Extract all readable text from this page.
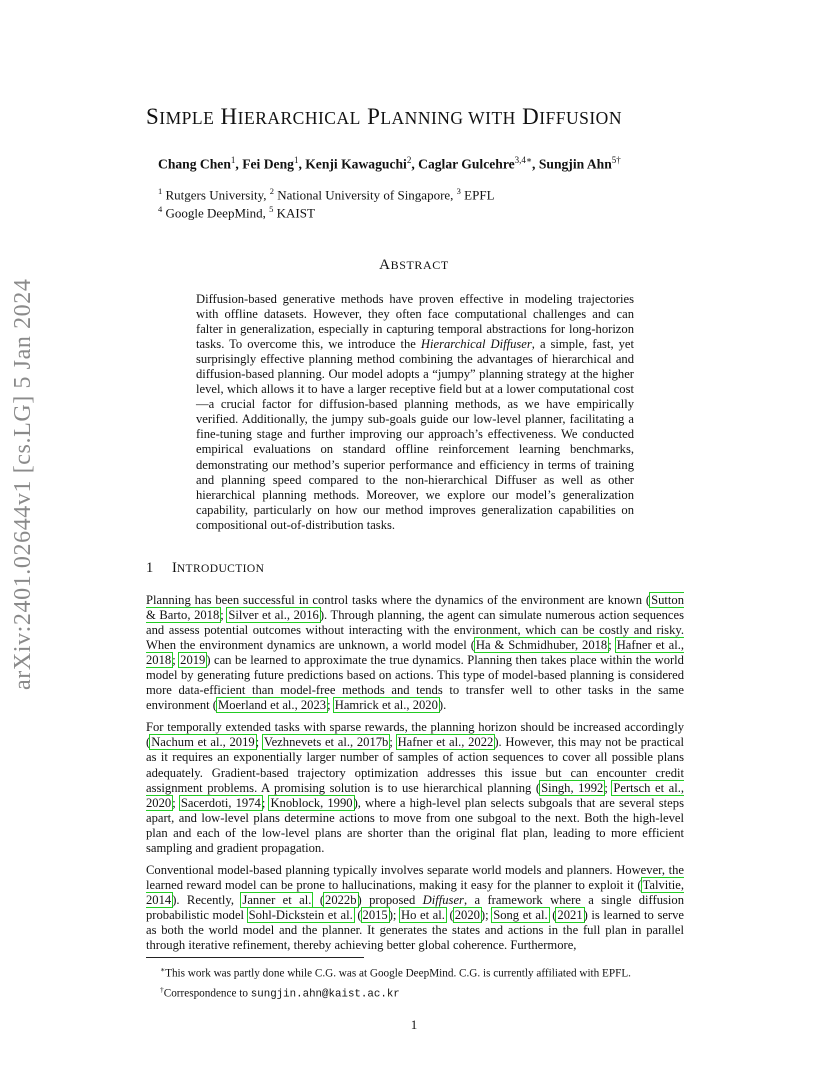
arXiv:2401.02644v1 [cs.LG] 5 Jan 2024
SIMPLE HIERARCHICAL PLANNING WITH DIFFUSION
Chang Chen$^1$, Fei Deng$^1$, Kenji Kawaguchi$^2$, Caglar Gulcehre$^{3,4∗}$, Sungjin Ahn$^{5\dagger}$
$^1$ Rutgers University, $^2$ National University of Singapore, $^3$ EPFL
$^4$ Google DeepMind, $^5$ KAIST
ABSTRACT
Diffusion-based generative methods have proven effective in modeling trajectories with offline datasets. However, they often face computational challenges and can falter in generalization, especially in capturing temporal abstractions for long-horizon tasks. To overcome this, we introduce the Hierarchical Diffuser, a simple, fast, yet surprisingly effective planning method combining the advantages of hierarchical and diffusion-based planning. Our model adopts a “jumpy” planning strategy at the higher level, which allows it to have a larger receptive field but at a lower computational cost—a crucial factor for diffusion-based planning methods, as we have empirically verified. Additionally, the jumpy sub-goals guide our low-level planner, facilitating a fine-tuning stage and further improving our approach’s effectiveness. We conducted empirical evaluations on standard offline reinforcement learning benchmarks, demonstrating our method’s superior performance and efficiency in terms of training and planning speed compared to the non-hierarchical Diffuser as well as other hierarchical planning methods. Moreover, we explore our model’s generalization capability, particularly on how our method improves generalization capabilities on compositional out-of-distribution tasks.
1 INTRODUCTION

Planning has been successful in control tasks where the dynamics of the environment are known (Sutton & Barto, 2018; Silver et al., 2016). Through planning, the agent can simulate numerous action sequences and assess potential outcomes without interacting with the environment, which can be costly and risky. When the environment dynamics are unknown, a world model (Ha & Schmidhuber, 2018; Hafner et al., 2018; 2019) can be learned to approximate the true dynamics. Planning then takes place within the world model by generating future predictions based on actions. This type of model-based planning is considered more data-efficient than model-free methods and tends to transfer well to other tasks in the same environment (Moerland et al., 2023; Hamrick et al., 2020).

For temporally extended tasks with sparse rewards, the planning horizon should be increased accordingly (Nachum et al., 2019; Vezhnevets et al., 2017b; Hafner et al., 2022). However, this may not be practical as it requires an exponentially larger number of samples of action sequences to cover all possible plans adequately. Gradient-based trajectory optimization addresses this issue but can encounter credit assignment problems. A promising solution is to use hierarchical planning (Singh, 1992; Pertsch et al., 2020; Sacerdoti, 1974; Knoblock, 1990), where a high-level plan selects subgoals that are several steps apart, and low-level plans determine actions to move from one subgoal to the next. Both the high-level plan and each of the low-level plans are shorter than the original flat plan, leading to more efficient sampling and gradient propagation.

Conventional model-based planning typically involves separate world models and planners. However, the learned reward model can be prone to hallucinations, making it easy for the planner to exploit it (Talvitie, 2014). Recently, Janner et al. (2022b) proposed Diffuser, a framework where a single diffusion probabilistic model Sohl-Dickstein et al. (2015); Ho et al. (2020); Song et al. (2021) is learned to serve as both the world model and the planner. It generates the states and actions in the full plan in parallel through iterative refinement, thereby achieving better global coherence. Furthermore,

∗This work was partly done while C.G. was at Google DeepMind. C.G. is currently affiliated with EPFL.
†Correspondence to sungjin.ahn@kaist.ac.kr
1
